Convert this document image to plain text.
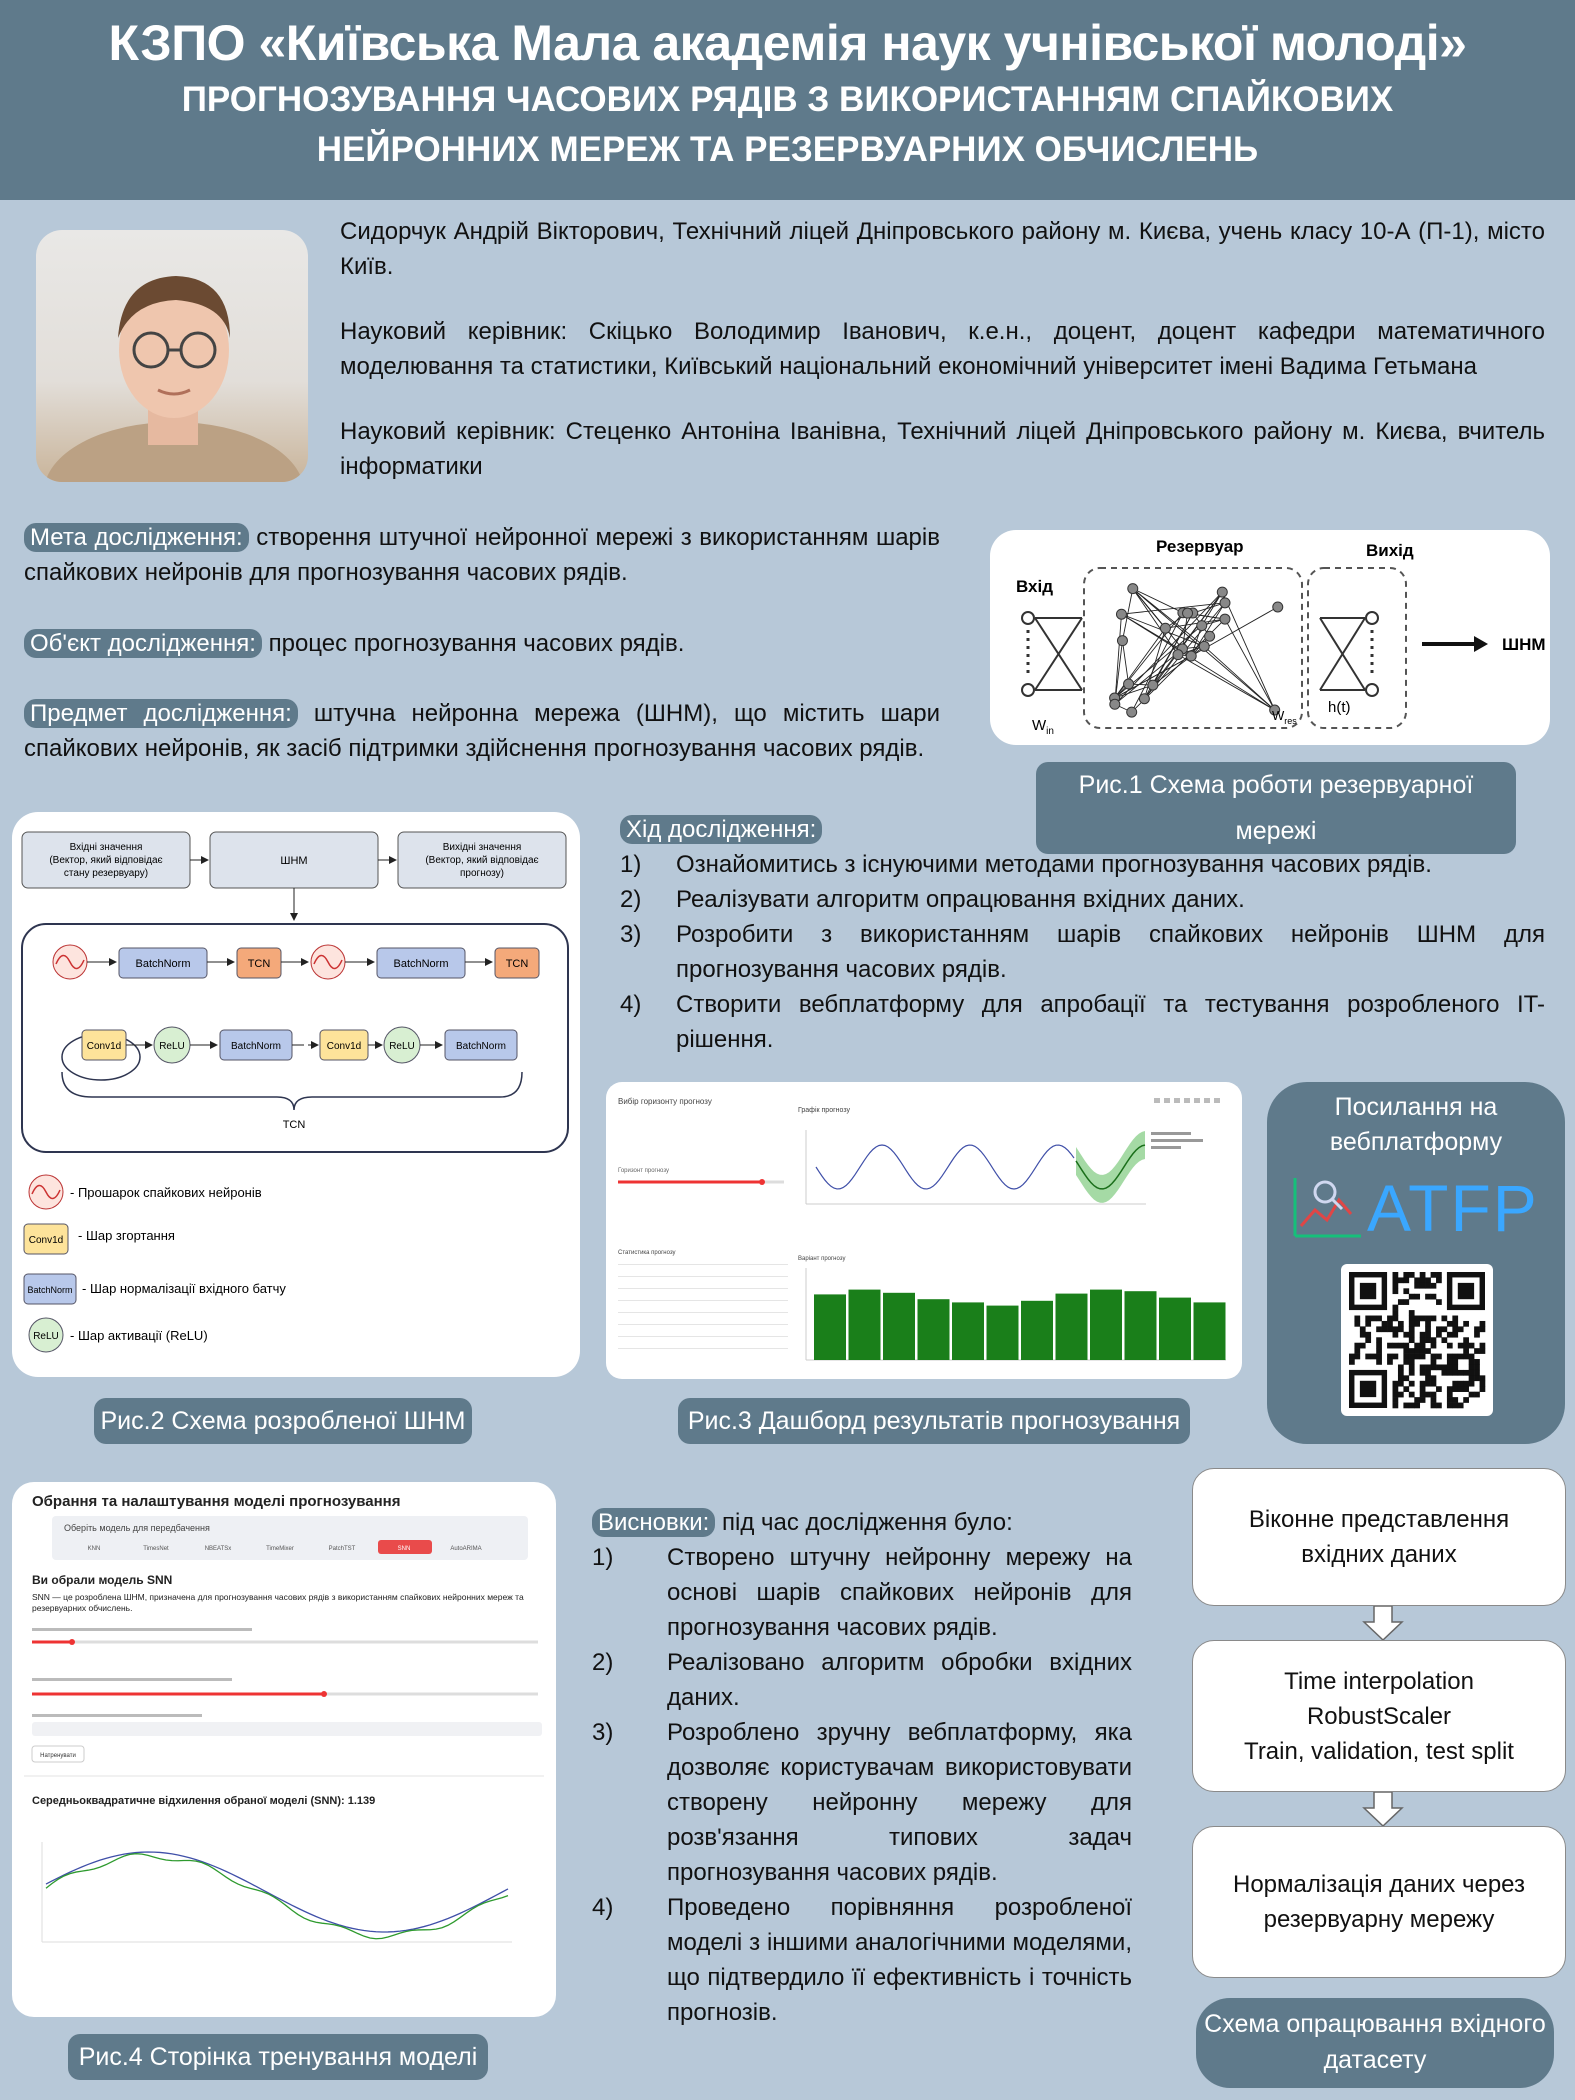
КЗПО «Київська Мала академія наук учнівської молоді»
ПРОГНОЗУВАННЯ ЧАСОВИХ РЯДІВ З ВИКОРИСТАННЯМ СПАЙКОВИХ
НЕЙРОННИХ МЕРЕЖ ТА РЕЗЕРВУАРНИХ ОБЧИСЛЕНЬ

Сидорчук Андрій Вікторович, Технічний ліцей Дніпровського району м. Києва, учень класу 10-А (П-1), місто Київ.

Науковий керівник: Скіцько Володимир Іванович, к.е.н., доцент, доцент кафедри математичного моделювання та статистики, Київський національний економічний університет імені Вадима Гетьмана

Науковий керівник: Стеценко Антоніна Іванівна, Технічний ліцей Дніпровського району м. Києва, вчитель інформатики

Мета дослідження: створення штучної нейронної мережі з використанням шарів спайкових нейронів для прогнозування часових рядів.
Об'єкт дослідження: процес прогнозування часових рядів.
Предмет дослідження: штучна нейронна мережа (ШНМ), що містить шари спайкових нейронів, як засіб підтримки здійснення прогнозування часових рядів.
Вхід
Резервуар	Вихід
$W_{in}$
$W_{res}$
h(t)
ШНМ
Рис.1 Схема роботи резервуарної мережі
Вхідні значення
(Вектор, який відповідає
стану резервуару)
ШНМ
Вихідні значення
(Вектор, який відповідає
прогнозу)
BatchNorm	TCN	BatchNorm	TCN
Conv1d	ReLU	BatchNorm	Conv1d	ReLU	BatchNorm
TCN
- Прошарок спайкових нейронів
Conv1d - Шар згортання
BatchNorm - Шар нормалізації вхідного батчу
ReLU - Шар активації (ReLU)
Рис.2 Схема розробленої ШНМ
Хід дослідження:
1)	Ознайомитись з існуючими методами прогнозування часових рядів.
2)	Реалізувати алгоритм опрацювання вхідних даних.
3)	Розробити з використанням шарів спайкових нейронів ШНМ для прогнозування часових рядів.
4)	Створити вебплатформу для апробації та тестування розробленого IT-рішення.
Вибір горизонту прогнозу
Графік прогнозу
Горизонт прогнозу
Статистика прогнозу
Варіант прогнозу
Рис.3 Дашборд результатів прогнозування
Посилання на
вебплатформу
ATFP
Обрання та налаштування моделі прогнозування
Оберіть модель для передбачення
KNN	TimesNet	NBEATSx	TimeMixer	PatchTST	SNN	AutoARIMA
Ви обрали модель SNN
SNN — це розроблена ШНМ, призначена для прогнозування часових рядів з використанням спайкових нейронних мереж та резервуарних обчислень.
Натренувати
Середньоквадратичне відхилення обраної моделі (SNN): 1.139
Рис.4 Сторінка тренування моделі
Висновки: під час дослідження було:
1)	Створено штучну нейронну мережу на основі шарів спайкових нейронів для прогнозування часових рядів.
2)	Реалізовано алгоритм обробки вхідних даних.
3)	Розроблено зручну вебплатформу, яка дозволяє користувачам використовувати створену нейронну мережу для розв'язання типових задач прогнозування часових рядів.
4)	Проведено порівняння розробленої моделі з іншими аналогічними моделями, що підтвердило її ефективність і точність прогнозів.
Віконне представлення
вхідних даних
Time interpolation
RobustScaler
Train, validation, test split
Нормалізація даних через
резервуарну мережу
Схема опрацювання вхідного
датасету
